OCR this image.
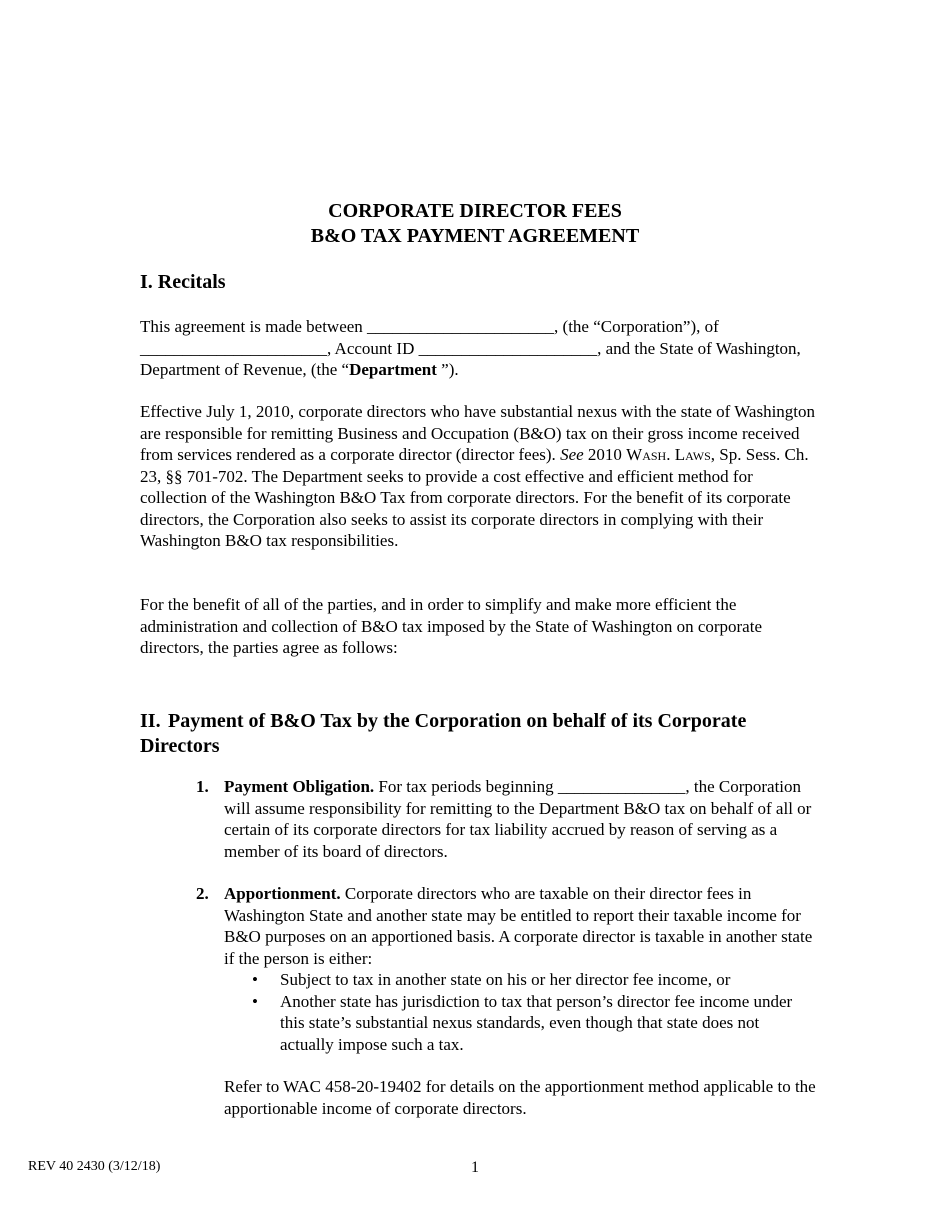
CORPORATE DIRECTOR FEES
B&O TAX PAYMENT AGREEMENT
I. Recitals

This agreement is made between ______________________, (the “Corporation”), of ______________________, Account ID _____________________, and the State of Washington, Department of Revenue, (the “Department ”).

Effective July 1, 2010, corporate directors who have substantial nexus with the state of Washington are responsible for remitting Business and Occupation (B&O) tax on their gross income received from services rendered as a corporate director (director fees). See 2010 Wash. Laws, Sp. Sess. Ch. 23, §§ 701-702. The Department seeks to provide a cost effective and efficient method for collection of the Washington B&O Tax from corporate directors. For the benefit of its corporate directors, the Corporation also seeks to assist its corporate directors in complying with their Washington B&O tax responsibilities.

For the benefit of all of the parties, and in order to simplify and make more efficient the administration and collection of B&O tax imposed by the State of Washington on corporate directors, the parties agree as follows:

II. Payment of B&O Tax by the Corporation on behalf of its Corporate Directors
1. Payment Obligation. For tax periods beginning _______________, the Corporation will assume responsibility for remitting to the Department B&O tax on behalf of all or certain of its corporate directors for tax liability accrued by reason of serving as a member of its board of directors.
2. Apportionment. Corporate directors who are taxable on their director fees in Washington State and another state may be entitled to report their taxable income for B&O purposes on an apportioned basis. A corporate director is taxable in another state if the person is either:
• Subject to tax in another state on his or her director fee income, or
• Another state has jurisdiction to tax that person’s director fee income under this state’s substantial nexus standards, even though that state does not actually impose such a tax.
Refer to WAC 458-20-19402 for details on the apportionment method applicable to the apportionable income of corporate directors.
REV 40 2430 (3/12/18)	1
